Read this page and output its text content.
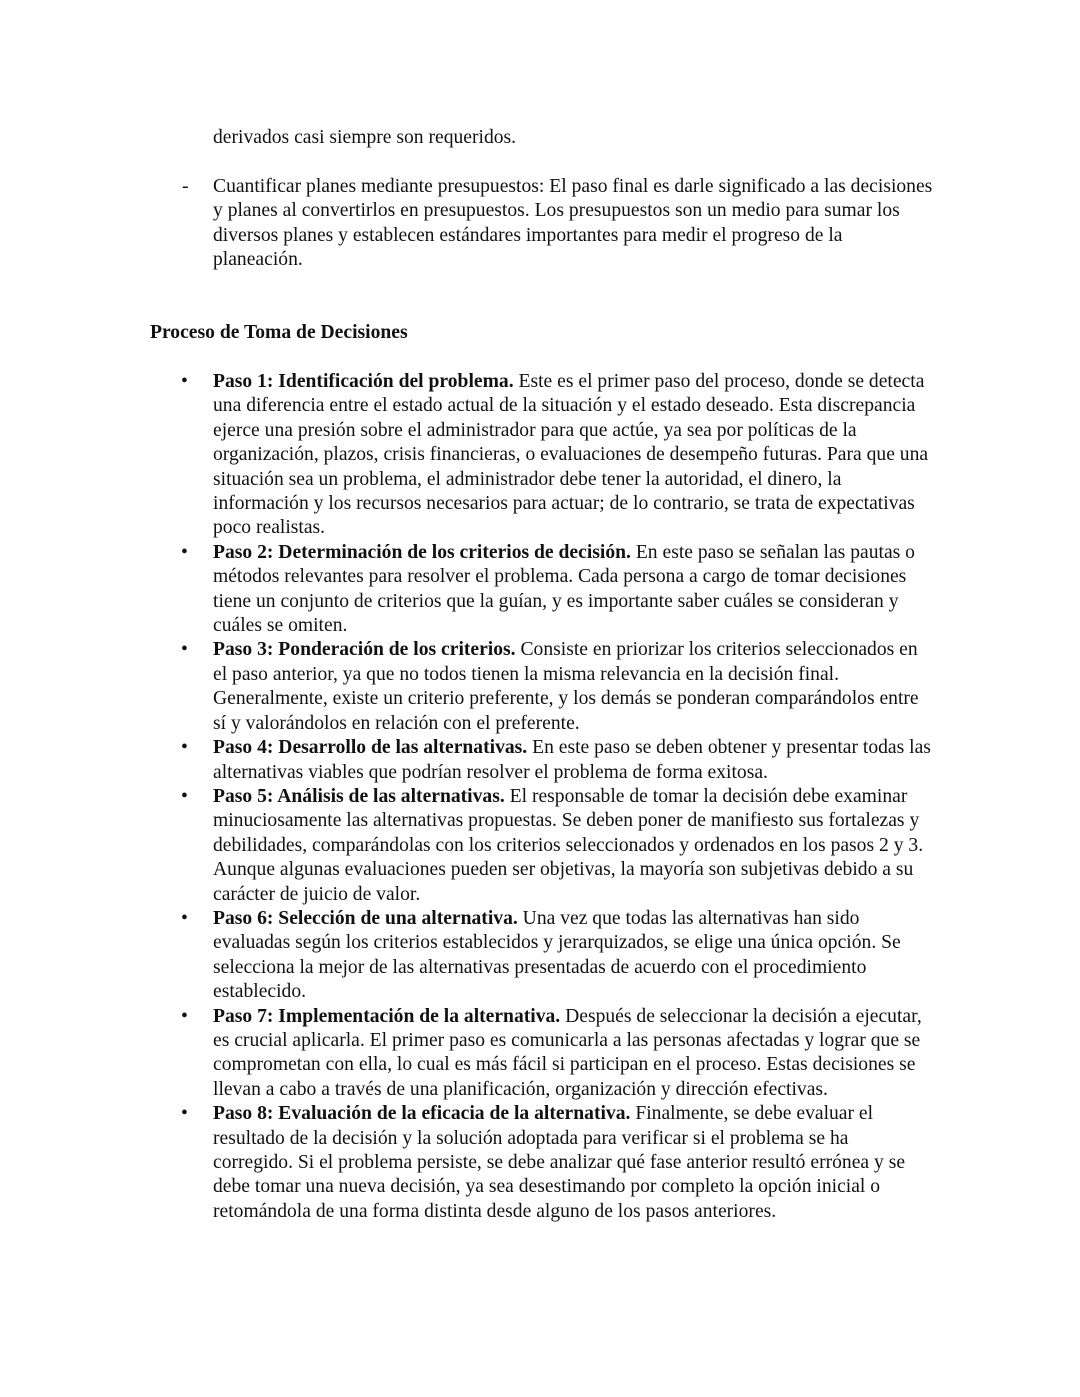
derivados casi siempre son requeridos.

- Cuantificar planes mediante presupuestos: El paso final es darle significado a las decisiones y planes al convertirlos en presupuestos. Los presupuestos son un medio para sumar los diversos planes y establecen estándares importantes para medir el progreso de la planeación.
Proceso de Toma de Decisiones
• Paso 1: Identificación del problema. Este es el primer paso del proceso, donde se detecta una diferencia entre el estado actual de la situación y el estado deseado. Esta discrepancia ejerce una presión sobre el administrador para que actúe, ya sea por políticas de la organización, plazos, crisis financieras, o evaluaciones de desempeño futuras. Para que una situación sea un problema, el administrador debe tener la autoridad, el dinero, la información y los recursos necesarios para actuar; de lo contrario, se trata de expectativas poco realistas.
• Paso 2: Determinación de los criterios de decisión. En este paso se señalan las pautas o métodos relevantes para resolver el problema. Cada persona a cargo de tomar decisiones tiene un conjunto de criterios que la guían, y es importante saber cuáles se consideran y cuáles se omiten.
• Paso 3: Ponderación de los criterios. Consiste en priorizar los criterios seleccionados en el paso anterior, ya que no todos tienen la misma relevancia en la decisión final. Generalmente, existe un criterio preferente, y los demás se ponderan comparándolos entre sí y valorándolos en relación con el preferente.
• Paso 4: Desarrollo de las alternativas. En este paso se deben obtener y presentar todas las alternativas viables que podrían resolver el problema de forma exitosa.
• Paso 5: Análisis de las alternativas. El responsable de tomar la decisión debe examinar minuciosamente las alternativas propuestas. Se deben poner de manifiesto sus fortalezas y debilidades, comparándolas con los criterios seleccionados y ordenados en los pasos 2 y 3. Aunque algunas evaluaciones pueden ser objetivas, la mayoría son subjetivas debido a su carácter de juicio de valor.
• Paso 6: Selección de una alternativa. Una vez que todas las alternativas han sido evaluadas según los criterios establecidos y jerarquizados, se elige una única opción. Se selecciona la mejor de las alternativas presentadas de acuerdo con el procedimiento establecido.
• Paso 7: Implementación de la alternativa. Después de seleccionar la decisión a ejecutar, es crucial aplicarla. El primer paso es comunicarla a las personas afectadas y lograr que se comprometan con ella, lo cual es más fácil si participan en el proceso. Estas decisiones se llevan a cabo a través de una planificación, organización y dirección efectivas.
• Paso 8: Evaluación de la eficacia de la alternativa. Finalmente, se debe evaluar el resultado de la decisión y la solución adoptada para verificar si el problema se ha corregido. Si el problema persiste, se debe analizar qué fase anterior resultó errónea y se debe tomar una nueva decisión, ya sea desestimando por completo la opción inicial o retomándola de una forma distinta desde alguno de los pasos anteriores.
